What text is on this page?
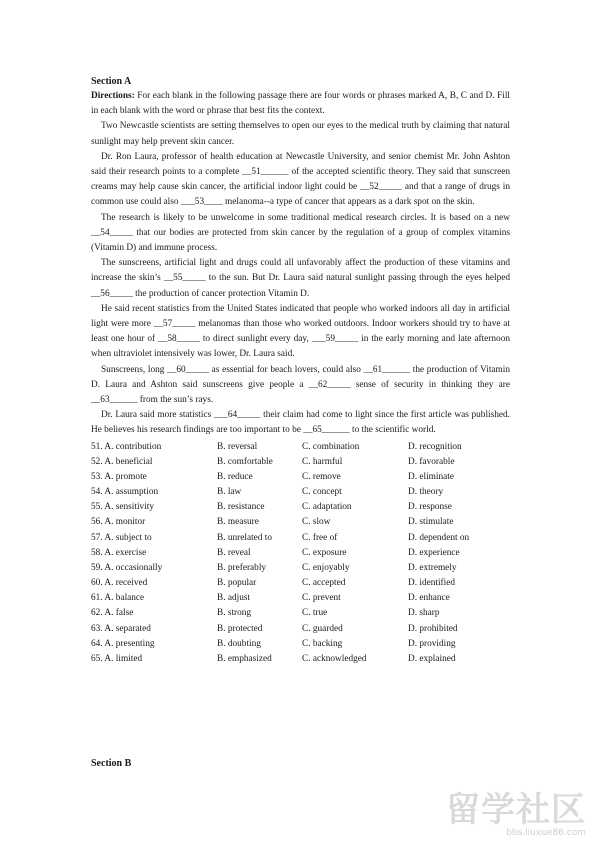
Section A

Directions: For each blank in the following passage there are four words or phrases marked A, B, C and D. Fill in each blank with the word or phrase that best fits the context.

Two Newcastle scientists are setting themselves to open our eyes to the medical truth by claiming that natural sunlight may help prevent skin cancer.

Dr. Ron Laura, professor of health education at Newcastle University, and senior chemist Mr. John Ashton said their research points to a complete __51______ of the accepted scientific theory. They said that sunscreen creams may help cause skin cancer, the artificial indoor light could be __52_____ and that a range of drugs in common use could also ___53____ melanoma--a type of cancer that appears as a dark spot on the skin.

The research is likely to be unwelcome in some traditional medical research circles. It is based on a new __54_____ that our bodies are protected from skin cancer by the regulation of a group of complex vitamins (Vitamin D) and immune process.

The sunscreens, artificial light and drugs could all unfavorably affect the production of these vitamins and increase the skin’s __55_____ to the sun. But Dr. Laura said natural sunlight passing through the eyes helped __56_____ the production of cancer protection Vitamin D.

He said recent statistics from the United States indicated that people who worked indoors all day in artificial light were more __57_____ melanomas than those who worked outdoors. Indoor workers should try to have at least one hour of __58_____ to direct sunlight every day, ___59_____ in the early morning and late afternoon when ultraviolet intensively was lower, Dr. Laura said.

Sunscreens, long __60_____ as essential for beach lovers, could also __61______ the production of Vitamin D. Laura and Ashton said sunscreens give people a __62_____ sense of security in thinking they are __63______ from the sun’s rays.

Dr. Laura said more statistics ___64_____ their claim had come to light since the first article was published. He believes his research findings are too important to be __65______ to the scientific world.

51. A. contribution	B. reversal	C. combination	D. recognition
52. A. beneficial	B. comfortable	C. harmful	D. favorable
53. A. promote	B. reduce	C. remove	D. eliminate
54. A. assumption	B. law	C. concept	D. theory
55. A. sensitivity	B. resistance	C. adaptation	D. response
56. A. monitor	B. measure	C. slow	D. stimulate
57. A. subject to	B. unrelated to	C. free of	D. dependent on
58. A. exercise	B. reveal	C. exposure	D. experience
59. A. occasionally	B. preferably	C. enjoyably	D. extremely
60. A. received	B. popular	C. accepted	D. identified
61. A. balance	B. adjust	C. prevent	D. enhance
62. A. false	B. strong	C. true	D. sharp
63. A. separated	B. protected	C. guarded	D. prohibited
64. A. presenting	B. doubting	C. backing	D. providing
65. A. limited	B. emphasized	C. acknowledged	D. explained
Section B
留学社区
bbs.liuxue86.com
